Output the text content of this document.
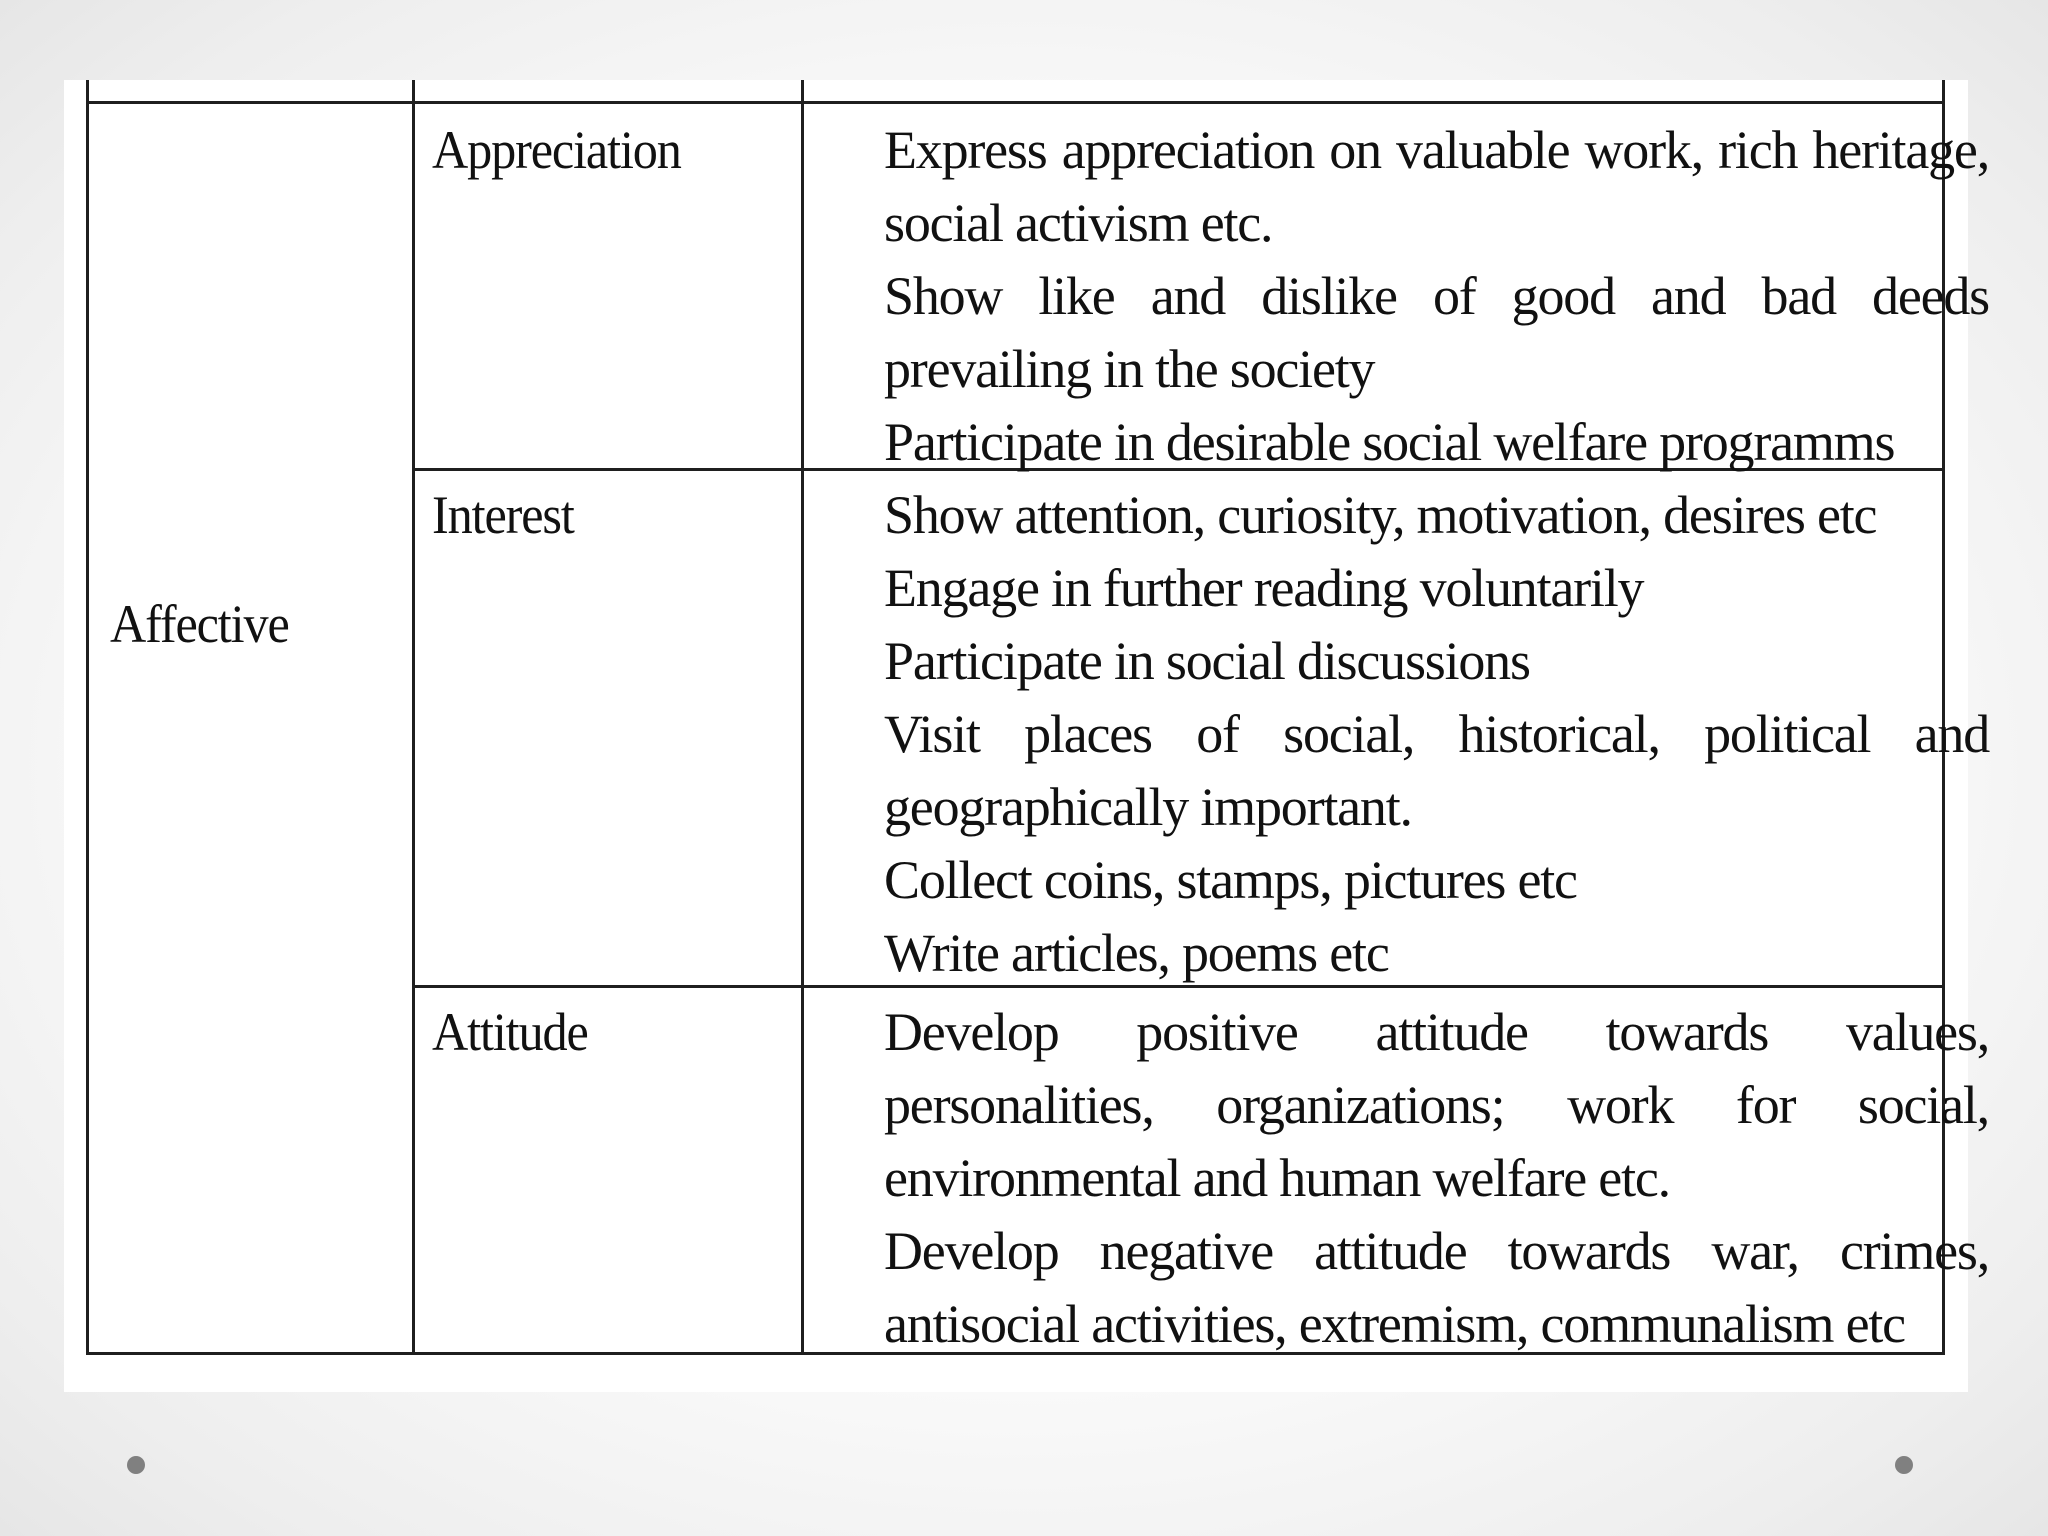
Affective
Appreciation
Interest
Attitude
Express appreciation on valuable work, rich heritage,
social activism etc.
Show like and dislike of good and bad deeds
prevailing in the society
Participate in desirable social welfare programms
Show attention, curiosity, motivation, desires etc
Engage in further reading voluntarily
Participate in social discussions
Visit places of social, historical, political and
geographically important.
Collect coins, stamps, pictures etc
Write articles, poems etc
Develop positive attitude towards values,
personalities, organizations; work for social,
environmental and human welfare etc.
Develop negative attitude towards war, crimes,
antisocial activities, extremism, communalism etc
